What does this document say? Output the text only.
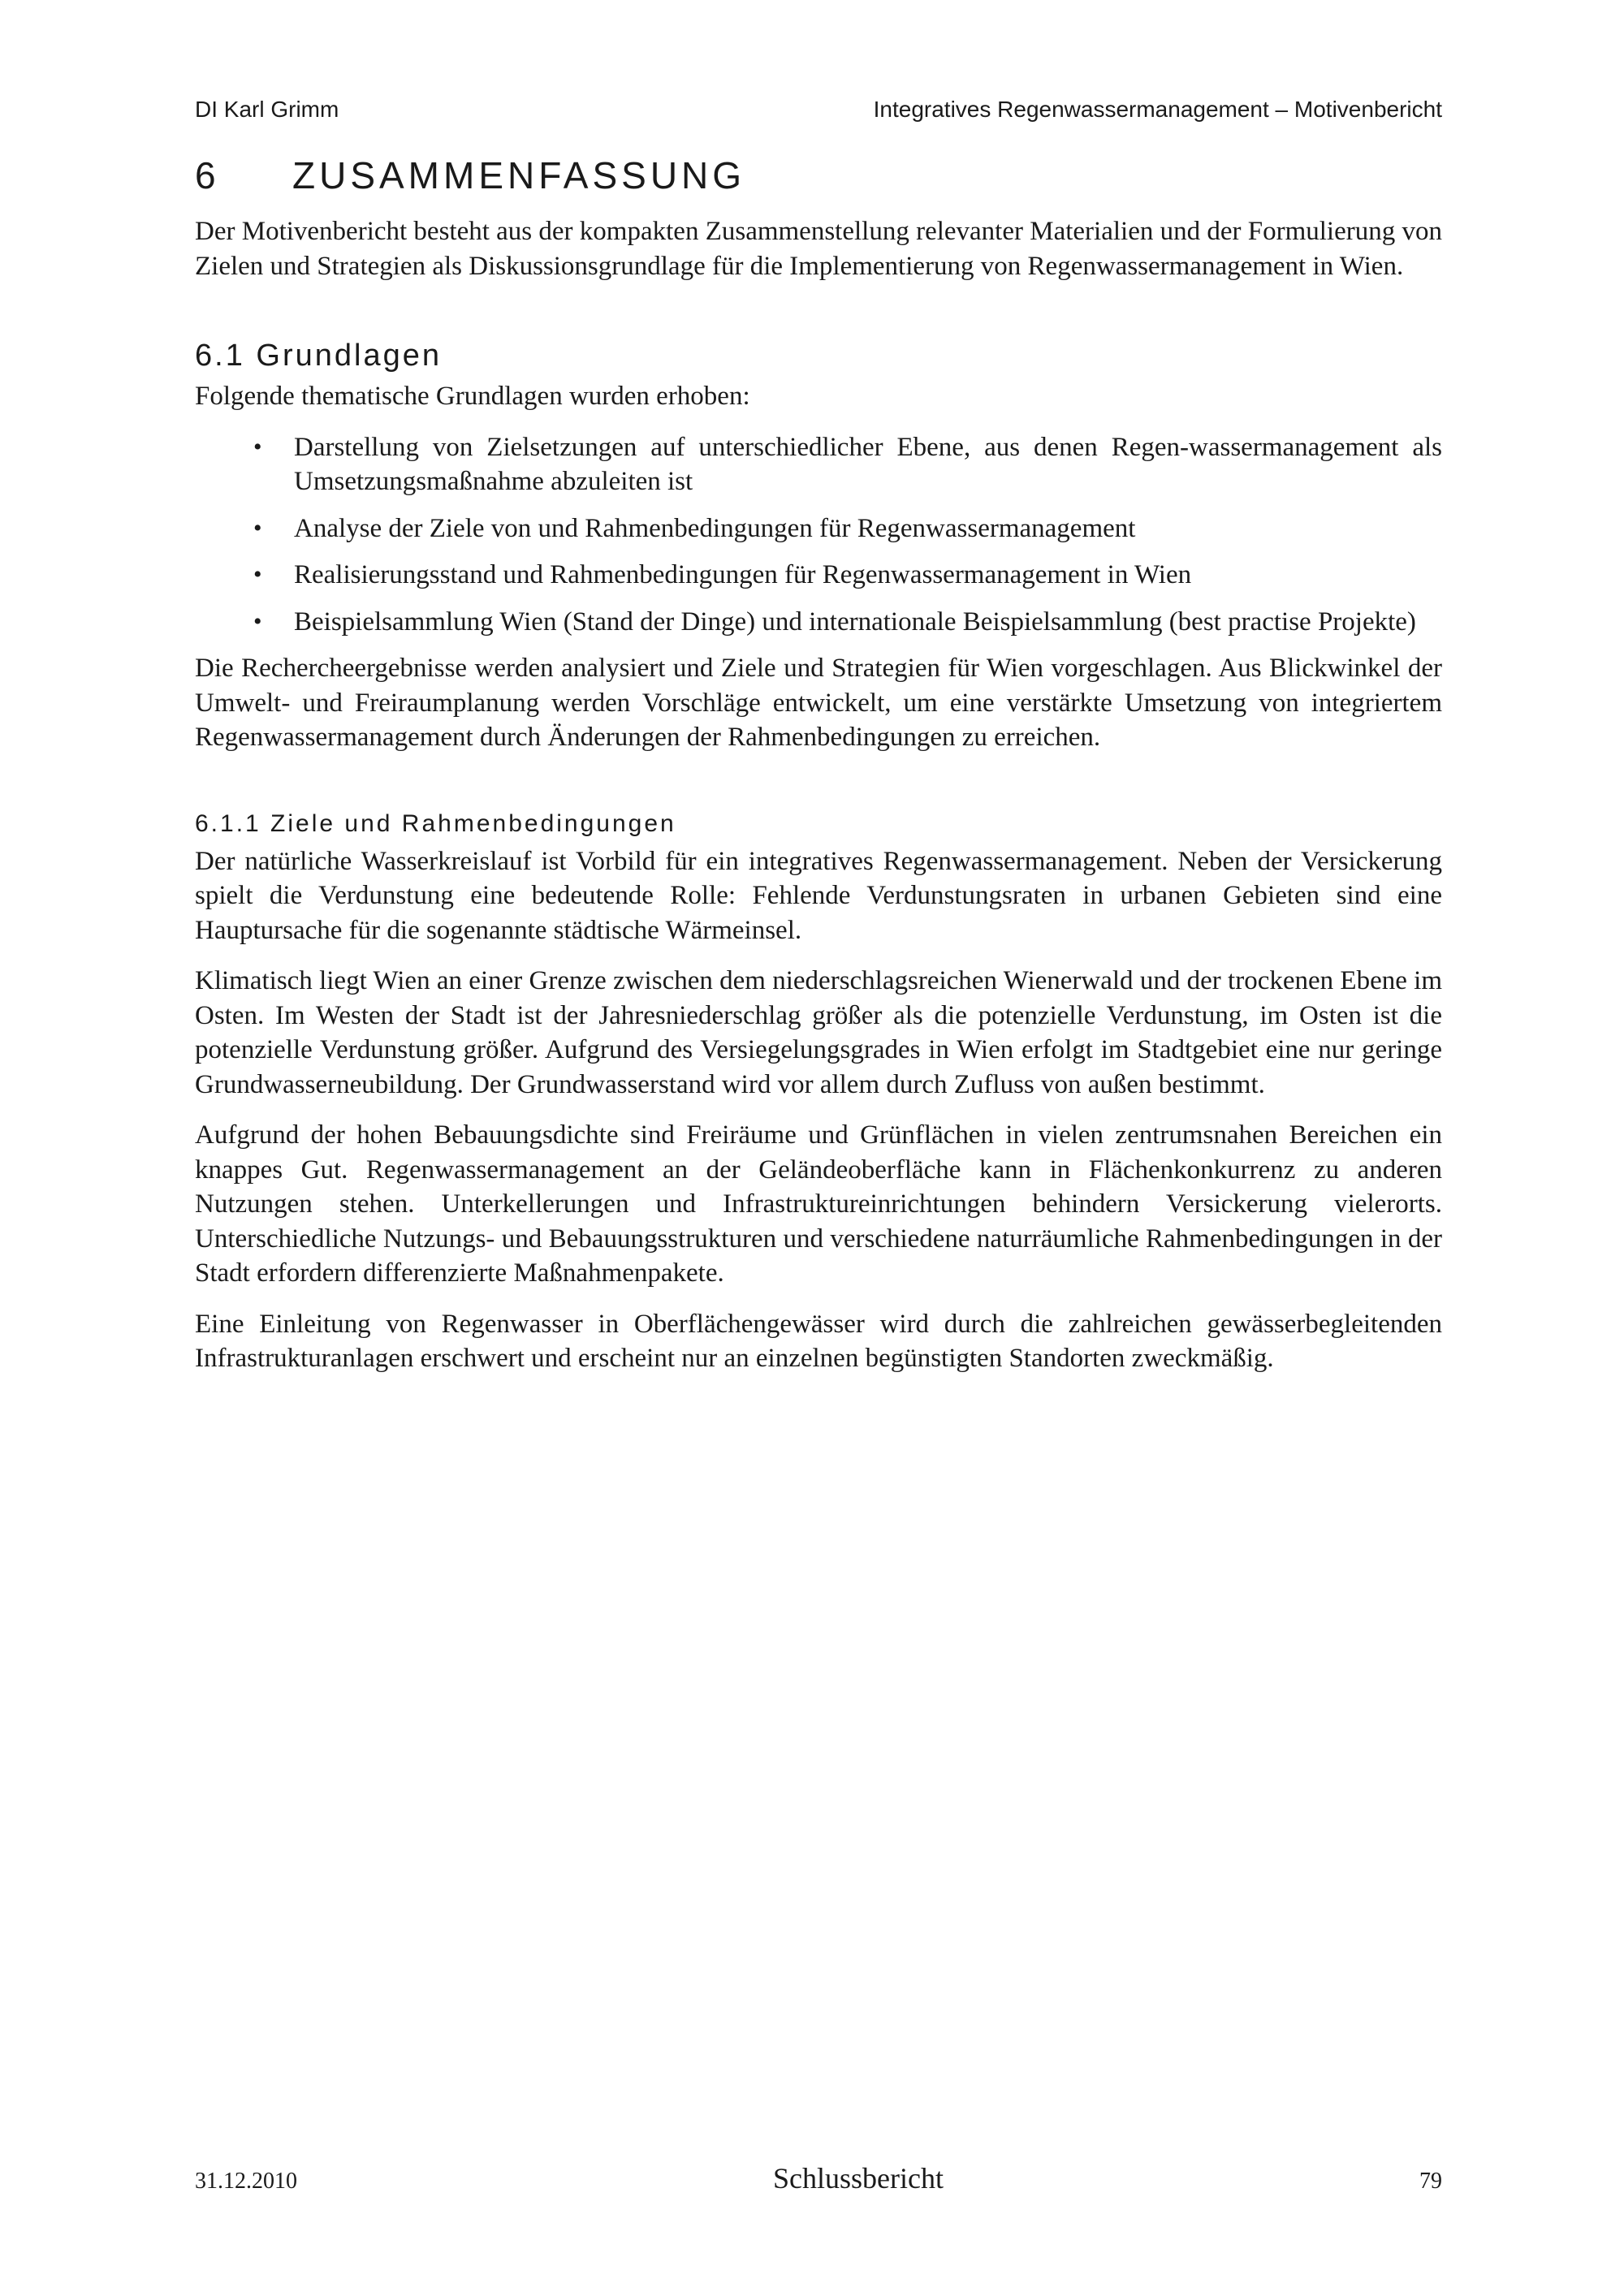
DI Karl Grimm	Integratives Regenwassermanagement – Motivenbericht
6	ZUSAMMENFASSUNG

Der Motivenbericht besteht aus der kompakten Zusammenstellung relevanter Materialien und der Formulierung von Zielen und Strategien als Diskussionsgrundlage für die Implementierung von Regenwassermanagement in Wien.

6.1 Grundlagen

Folgende thematische Grundlagen wurden erhoben:

• Darstellung von Zielsetzungen auf unterschiedlicher Ebene, aus denen Regen-wassermanagement als Umsetzungsmaßnahme abzuleiten ist
• Analyse der Ziele von und Rahmenbedingungen für Regenwassermanagement
• Realisierungsstand und Rahmenbedingungen für Regenwassermanagement in Wien
• Beispielsammlung Wien (Stand der Dinge) und internationale Beispielsammlung (best practise Projekte)

Die Rechercheergebnisse werden analysiert und Ziele und Strategien für Wien vorgeschlagen. Aus Blickwinkel der Umwelt- und Freiraumplanung werden Vorschläge entwickelt, um eine verstärkte Umsetzung von integriertem Regenwassermanagement durch Änderungen der Rahmenbedingungen zu erreichen.

6.1.1 Ziele und Rahmenbedingungen

Der natürliche Wasserkreislauf ist Vorbild für ein integratives Regenwassermanagement. Neben der Versickerung spielt die Verdunstung eine bedeutende Rolle: Fehlende Verdunstungsraten in urbanen Gebieten sind eine Hauptursache für die sogenannte städtische Wärmeinsel.

Klimatisch liegt Wien an einer Grenze zwischen dem niederschlagsreichen Wienerwald und der trockenen Ebene im Osten. Im Westen der Stadt ist der Jahresniederschlag größer als die potenzielle Verdunstung, im Osten ist die potenzielle Verdunstung größer. Aufgrund des Versiegelungsgrades in Wien erfolgt im Stadtgebiet eine nur geringe Grundwasserneubildung. Der Grundwasserstand wird vor allem durch Zufluss von außen bestimmt.

Aufgrund der hohen Bebauungsdichte sind Freiräume und Grünflächen in vielen zentrumsnahen Bereichen ein knappes Gut. Regenwassermanagement an der Geländeoberfläche kann in Flächenkonkurrenz zu anderen Nutzungen stehen. Unterkellerungen und Infrastruktureinrichtungen behindern Versickerung vielerorts. Unterschiedliche Nutzungs- und Bebauungsstrukturen und verschiedene naturräumliche Rahmenbedingungen in der Stadt erfordern differenzierte Maßnahmenpakete.

Eine Einleitung von Regenwasser in Oberflächengewässer wird durch die zahlreichen gewässerbegleitenden Infrastrukturanlagen erschwert und erscheint nur an einzelnen begünstigten Standorten zweckmäßig.

31.12.2010	Schlussbericht	79
